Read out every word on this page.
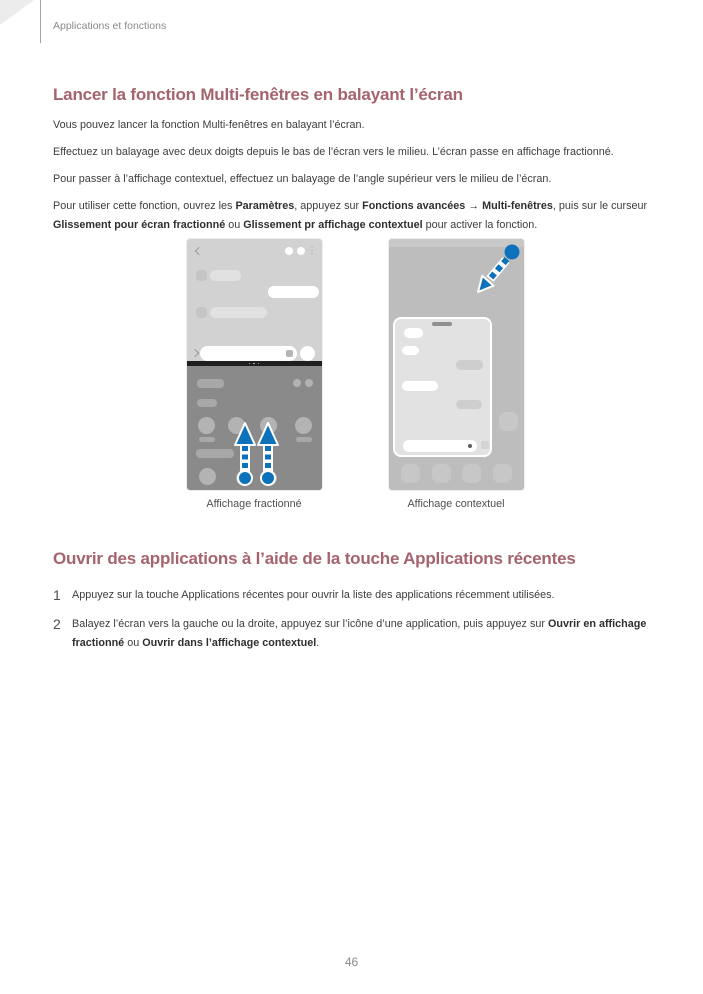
Applications et fonctions
Lancer la fonction Multi-fenêtres en balayant l’écran

Vous pouvez lancer la fonction Multi-fenêtres en balayant l’écran.

Effectuez un balayage avec deux doigts depuis le bas de l’écran vers le milieu. L’écran passe en affichage fractionné.

Pour passer à l’affichage contextuel, effectuez un balayage de l’angle supérieur vers le milieu de l’écran.

Pour utiliser cette fonction, ouvrez les Paramètres, appuyez sur Fonctions avancées → Multi-fenêtres, puis sur le curseur Glissement pour écran fractionné ou Glissement pr affichage contextuel pour activer la fonction.

⋮
Affichage fractionné	Affichage contextuel
Ouvrir des applications à l’aide de la touche Applications récentes
1	Appuyez sur la touche Applications récentes pour ouvrir la liste des applications récemment utilisées.
2	Balayez l’écran vers la gauche ou la droite, appuyez sur l’icône d’une application, puis appuyez sur Ouvrir en affichage fractionné ou Ouvrir dans l’affichage contextuel.
46
